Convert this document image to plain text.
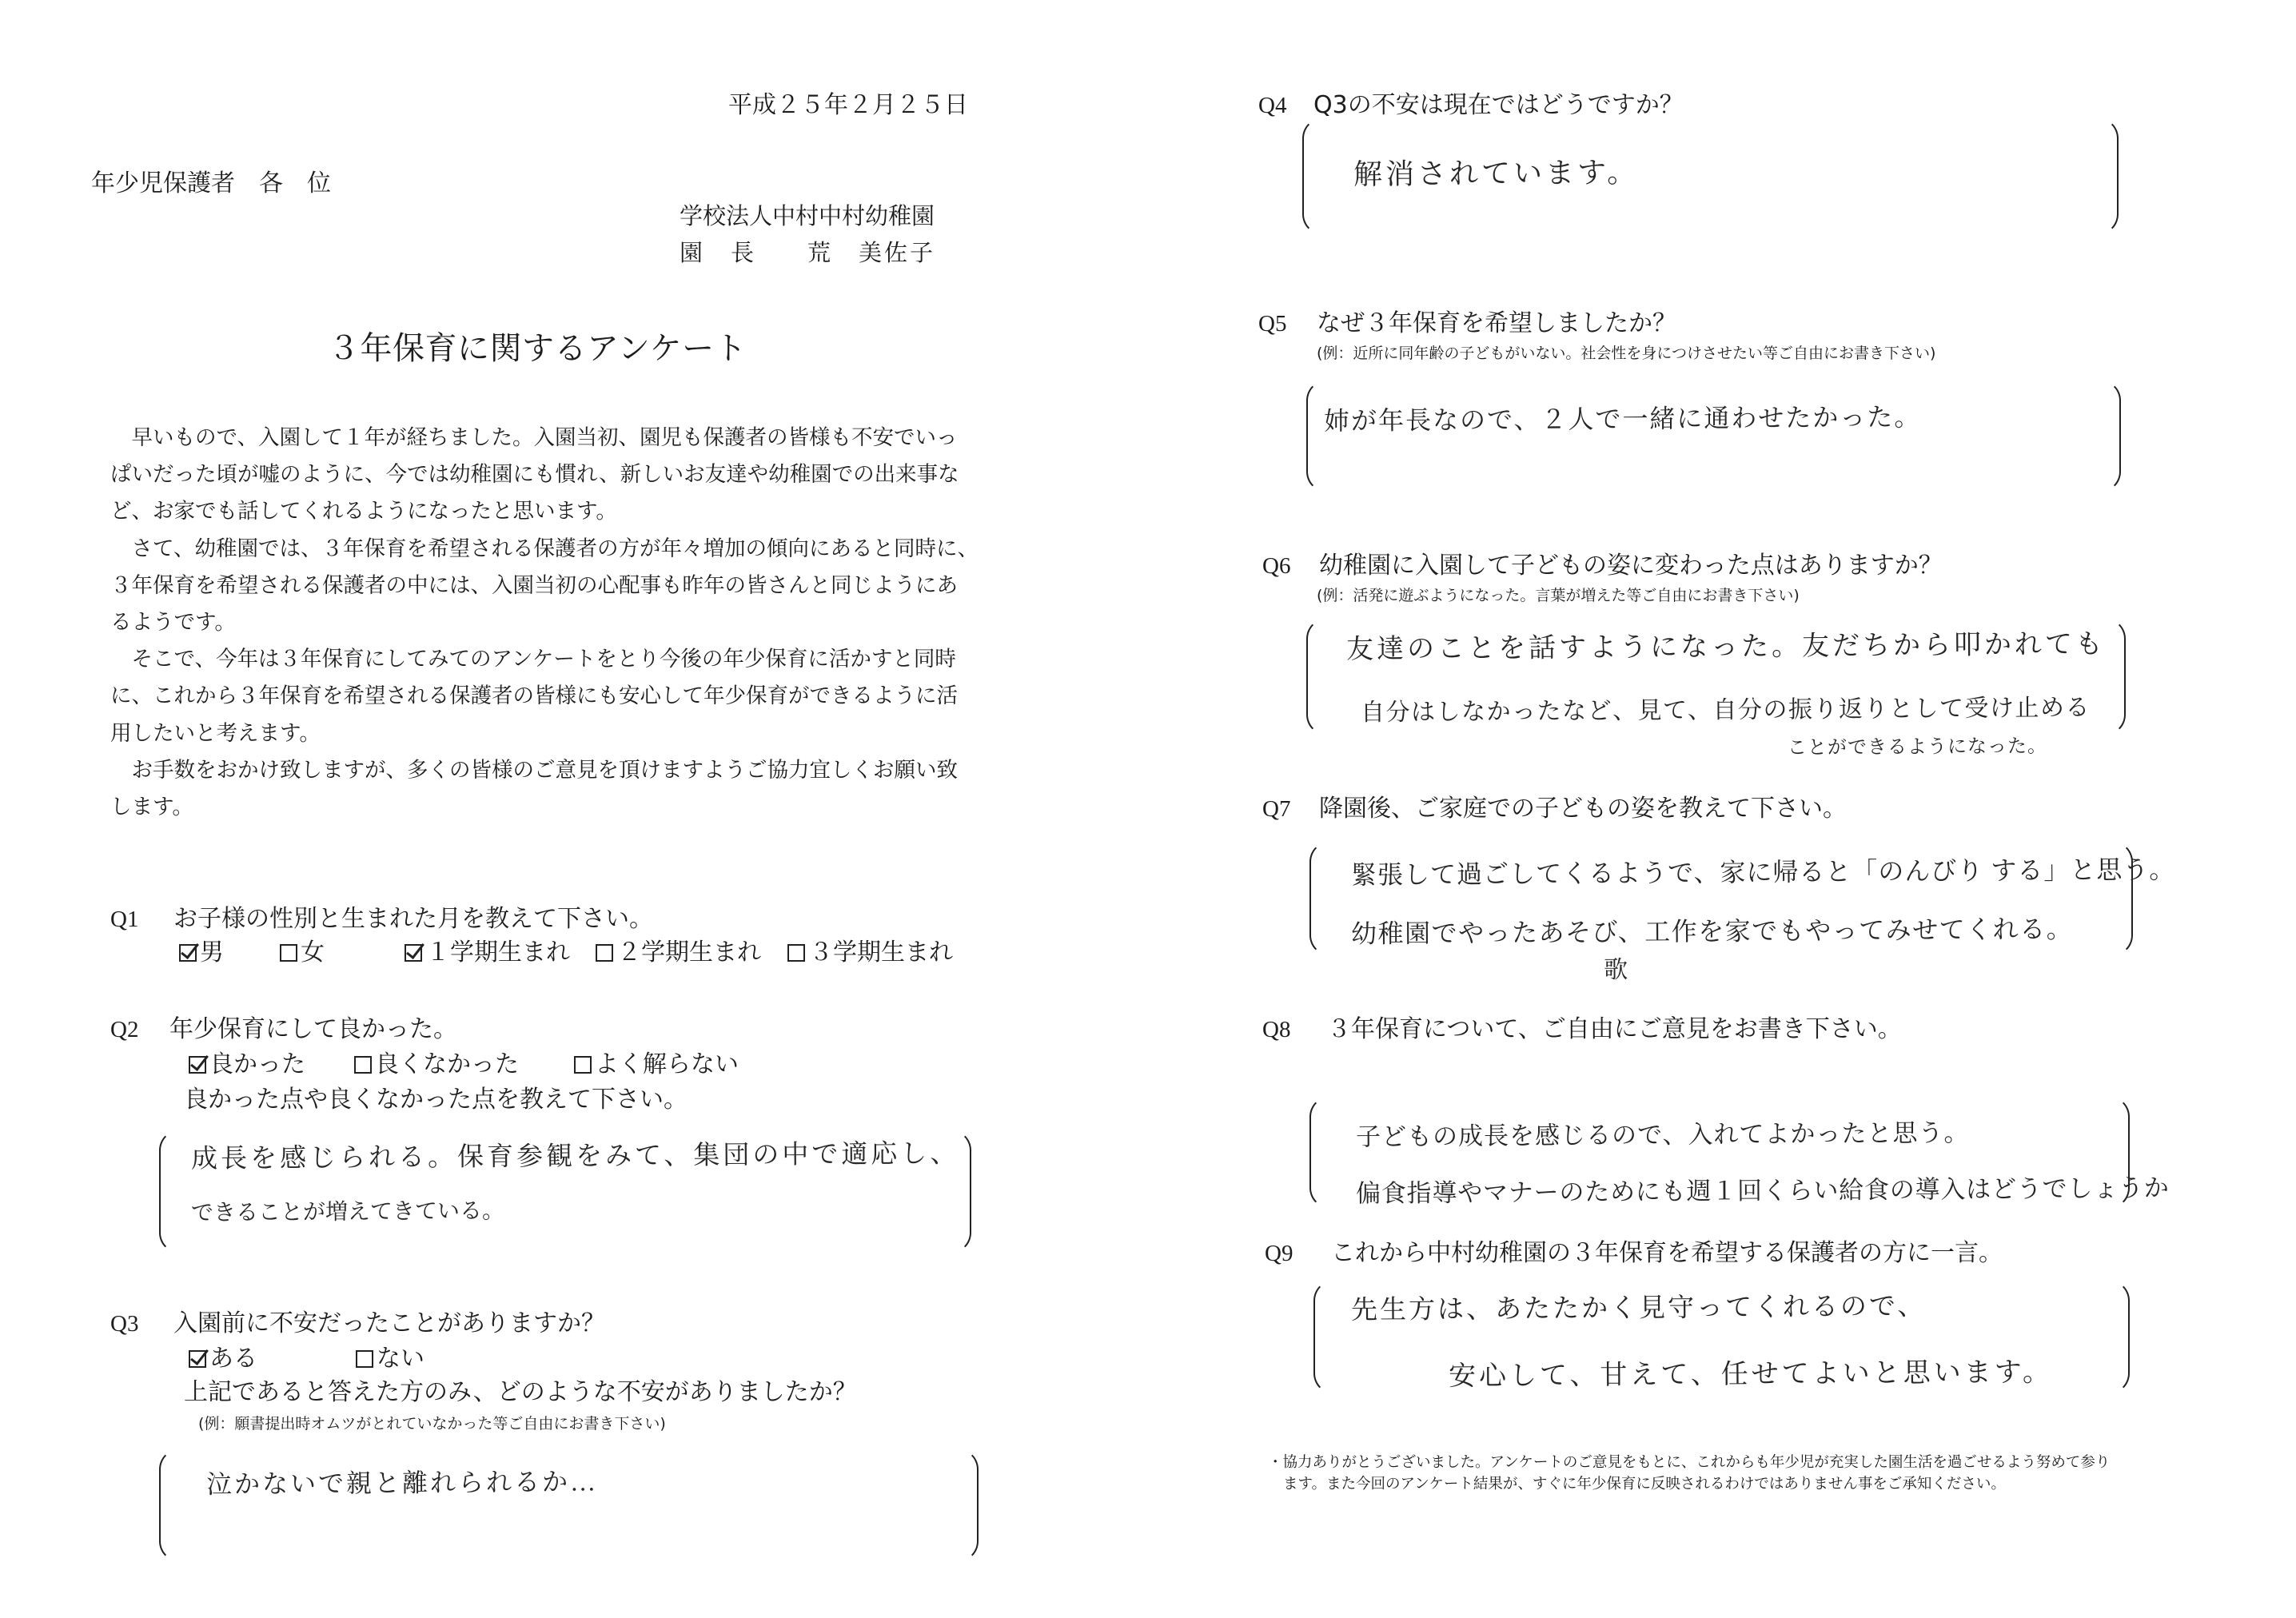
平成２５年２月２５日
年少児保護者　各　位
学校法人中村中村幼稚園
園　長　　荒　美佐子
３年保育に関するアンケート
　早いもので、入園して１年が経ちました。入園当初、園児も保護者の皆様も不安でいっ
ぱいだった頃が嘘のように、今では幼稚園にも慣れ、新しいお友達や幼稚園での出来事な
ど、お家でも話してくれるようになったと思います。
　さて、幼稚園では、３年保育を希望される保護者の方が年々増加の傾向にあると同時に、
３年保育を希望される保護者の中には、入園当初の心配事も昨年の皆さんと同じようにあ
るようです。
　そこで、今年は３年保育にしてみてのアンケートをとり今後の年少保育に活かすと同時
に、これから３年保育を希望される保護者の皆様にも安心して年少保育ができるように活
用したいと考えます。
　お手数をおかけ致しますが、多くの皆様のご意見を頂けますようご協力宜しくお願い致
します。
Q1 お子様の性別と生まれた月を教えて下さい。
男	女	１学期生まれ ２学期生まれ ３学期生まれ
Q2 年少保育にして良かった。
良かった	良くなかった	よく解らない
良かった点や良くなかった点を教えて下さい。
成長を感じられる。保育参観をみて、集団の中で適応し、
できることが増えてきている。
Q3 入園前に不安だったことがありますか？
ある	ない
上記であると答えた方のみ、どのような不安がありましたか？
(例：願書提出時オムツがとれていなかった等ご自由にお書き下さい)
泣かないで親と離れられるか…
Q4 Q3の不安は現在ではどうですか？
解消されています。
Q5 なぜ３年保育を希望しましたか？
(例：近所に同年齢の子どもがいない。社会性を身につけさせたい等ご自由にお書き下さい)
姉が年長なので、２人で一緒に通わせたかった。
Q6 幼稚園に入園して子どもの姿に変わった点はありますか？
(例：活発に遊ぶようになった。言葉が増えた等ご自由にお書き下さい)
友達のことを話すようになった。友だちから叩かれても
自分はしなかったなど、見て、自分の振り返りとして受け止める
ことができるようになった。
Q7 降園後、ご家庭での子どもの姿を教えて下さい。
緊張して過ごしてくるようで、家に帰ると「のんびり する」と思う。
幼稚園でやったあそび、工作を家でもやってみせてくれる。
歌
Q8 ３年保育について、ご自由にご意見をお書き下さい。
子どもの成長を感じるので、入れてよかったと思う。
偏食指導やマナーのためにも週１回くらい給食の導入はどうでしょうか
Q9 これから中村幼稚園の３年保育を希望する保護者の方に一言。
先生方は、あたたかく見守ってくれるので、
安心して、甘えて、任せてよいと思います。
・協力ありがとうございました。アンケートのご意見をもとに、これからも年少児が充実した園生活を過ごせるよう努めて参り
ます。また今回のアンケート結果が、すぐに年少保育に反映されるわけではありません事をご承知ください。
